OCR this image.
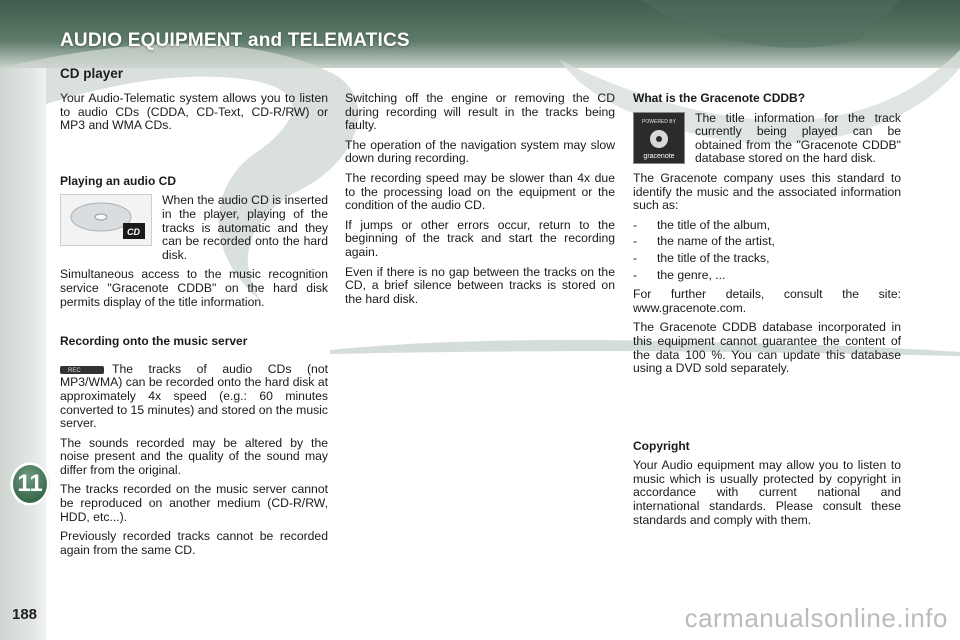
AUDIO EQUIPMENT and TELEMATICS
CD player

Your Audio-Telematic system allows you to listen to audio CDs (CDDA, CD-Text, CD-R/RW) or MP3 and WMA CDs.

Playing an audio CD
CD
When the audio CD is inserted in the player, playing of the tracks is automatic and they can be recorded onto the hard disk.

Simultaneous access to the music recognition service "Gracenote CDDB" on the hard disk permits display of the title information.

Recording onto the music server

REC	The tracks of audio CDs (not MP3/WMA) can be recorded onto the hard disk at approximately 4x speed (e.g.: 60 minutes converted to 15 minutes) and stored on the music server.

The sounds recorded may be altered by the noise present and the quality of the sound may differ from the original.

The tracks recorded on the music server cannot be reproduced on another medium (CD-R/RW, HDD, etc...).

Previously recorded tracks cannot be recorded again from the same CD.

Switching off the engine or removing the CD during recording will result in the tracks being faulty.

The operation of the navigation system may slow down during recording.

The recording speed may be slower than 4x due to the processing load on the equipment or the condition of the audio CD.

If jumps or other errors occur, return to the beginning of the track and start the recording again.

Even if there is no gap between the tracks on the CD, a brief silence between tracks is stored on the hard disk.

What is the Gracenote CDDB?
POWERED BY
gracenote
The title information for the track currently being played can be obtained from the "Gracenote CDDB" database stored on the hard disk.

The Gracenote company uses this standard to identify the music and the associated information such as:

- the title of the album,
- the name of the artist,
- the title of the tracks,
- the genre, ...

For further details, consult the site: www.gracenote.com.

The Gracenote CDDB database incorporated in this equipment cannot guarantee the content of the data 100 %. You can update this database using a DVD sold separately.

Copyright

Your Audio equipment may allow you to listen to music which is usually protected by copyright in accordance with current national and international standards. Please consult these standards and comply with them.

11
188	carmanualsonline.info
